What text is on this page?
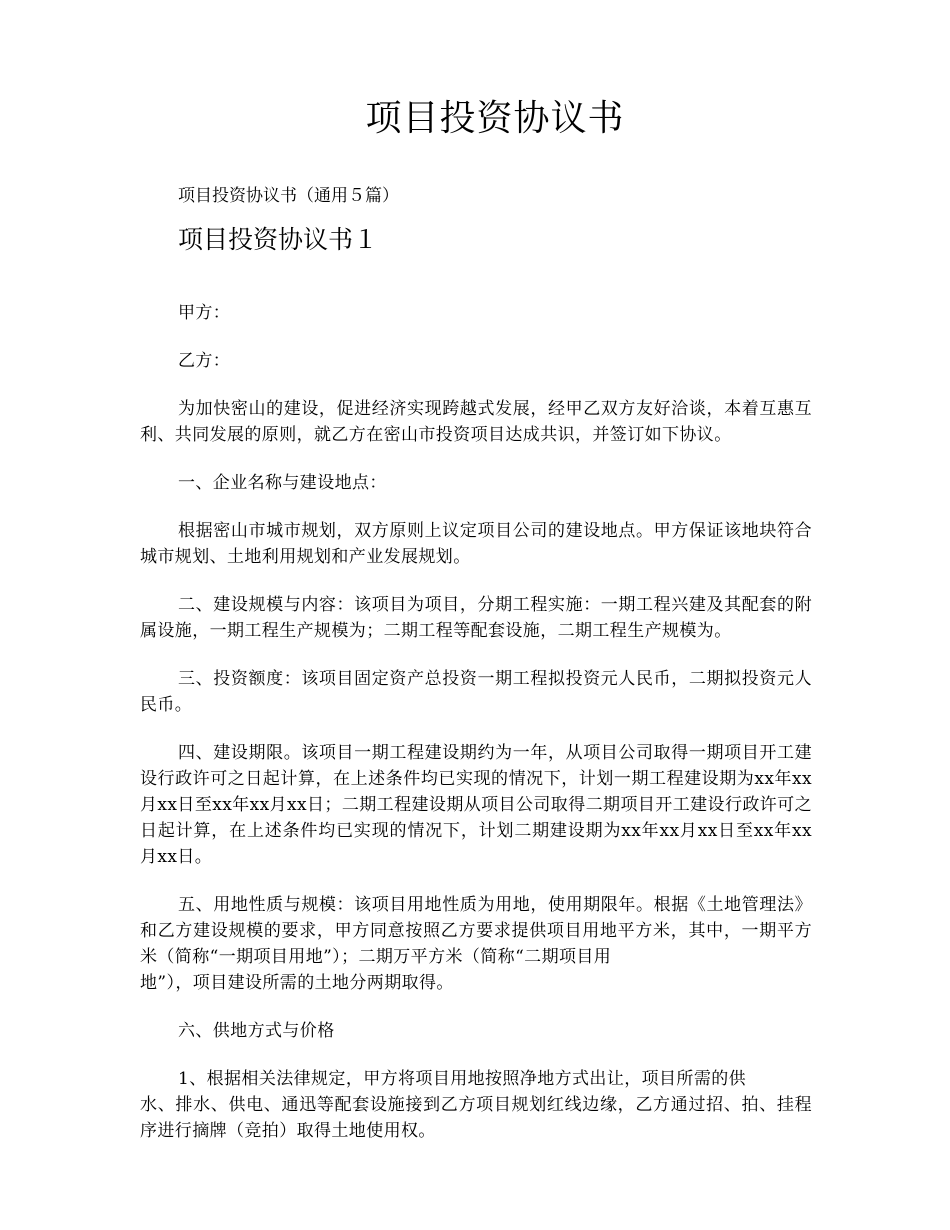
项目投资协议书

项目投资协议书（通用５篇）

项目投资协议书１

甲方：

乙方：

为加快密山的建设，促进经济实现跨越式发展，经甲乙双方友好洽谈，本着互惠互利、共同发展的原则，就乙方在密山市投资项目达成共识，并签订如下协议。

一、企业名称与建设地点：

根据密山市城市规划，双方原则上议定项目公司的建设地点。甲方保证该地块符合城市规划、土地利用规划和产业发展规划。

二、建设规模与内容：该项目为项目，分期工程实施：一期工程兴建及其配套的附属设施，一期工程生产规模为；二期工程等配套设施，二期工程生产规模为。

三、投资额度：该项目固定资产总投资一期工程拟投资元人民币，二期拟投资元人民币。

四、建设期限。该项目一期工程建设期约为一年，从项目公司取得一期项目开工建设行政许可之日起计算，在上述条件均已实现的情况下，计划一期工程建设期为xx年xx月xx日至xx年xx月xx日；二期工程建设期从项目公司取得二期项目开工建设行政许可之日起计算，在上述条件均已实现的情况下，计划二期建设期为xx年xx月xx日至xx年xx月xx日。

五、用地性质与规模：该项目用地性质为用地，使用期限年。根据《土地管理法》和乙方建设规模的要求，甲方同意按照乙方要求提供项目用地平方米，其中，一期平方米（简称“一期项目用地”）；二期万平方米（简称“二期项目用
地”），项目建设所需的土地分两期取得。

六、供地方式与价格

1、根据相关法律规定，甲方将项目用地按照净地方式出让，项目所需的供
水、排水、供电、通迅等配套设施接到乙方项目规划红线边缘，乙方通过招、拍、挂程序进行摘牌（竞拍）取得土地使用权。
